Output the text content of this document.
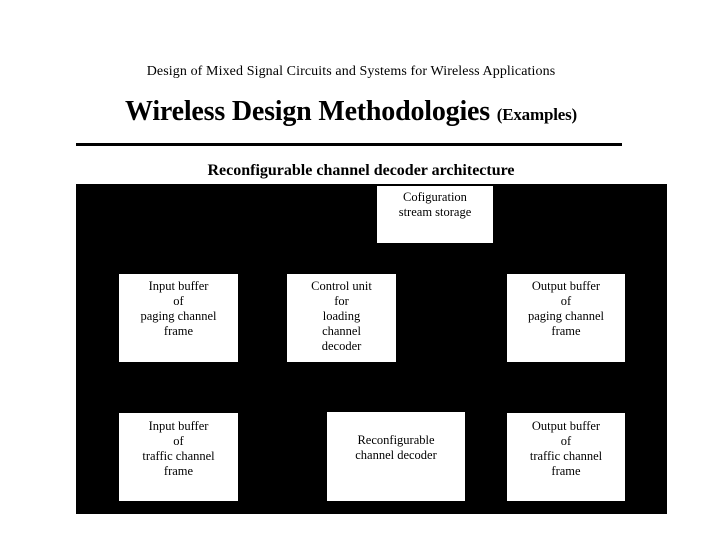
Design of Mixed Signal Circuits and Systems for Wireless Applications
Wireless Design Methodologies (Examples)
Reconfigurable channel decoder architecture
Cofiguration
stream storage
Input buffer
of
paging channel
frame
Control unit
for
loading
channel
decoder
Output buffer
of
paging channel
frame
Input buffer
of
traffic channel
frame
Reconfigurable
channel decoder
Output buffer
of
traffic channel
frame
